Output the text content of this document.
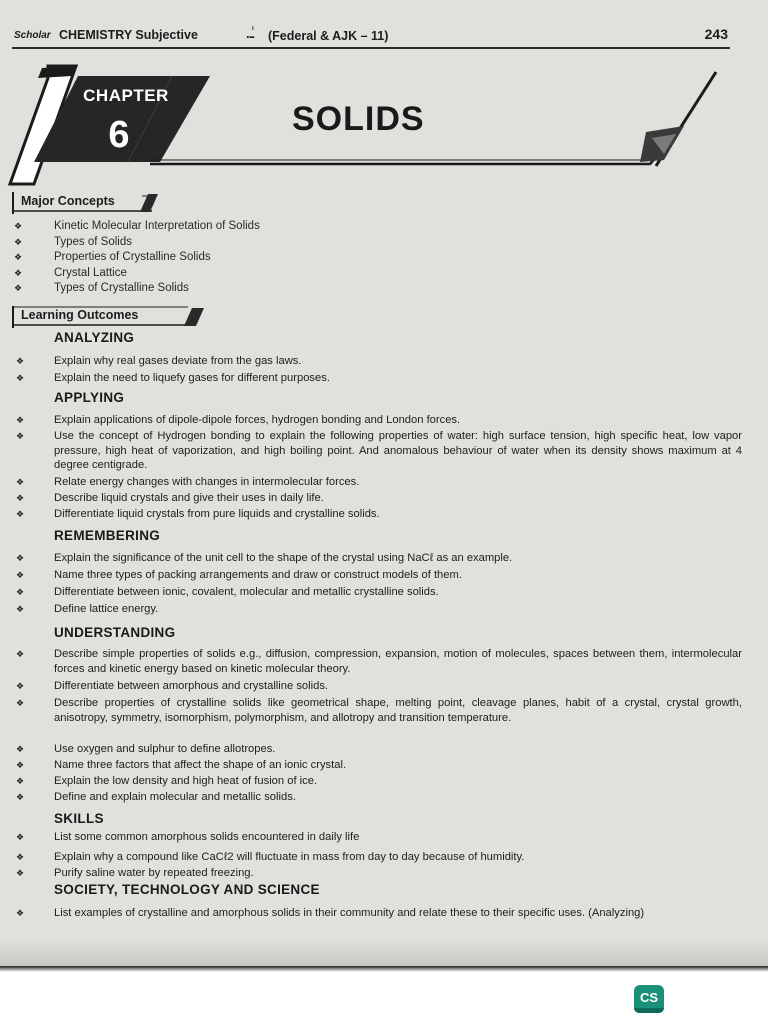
Scholar CHEMISTRY Subjective	.ـٰ (Federal & AJK – 11)	243
CHAPTER
6	SOLIDS
Major Concepts
❖	Kinetic Molecular Interpretation of Solids
❖	Types of Solids
❖	Properties of Crystalline Solids
❖	Crystal Lattice
❖	Types of Crystalline Solids
Learning Outcomes
ANALYZING
❖	Explain why real gases deviate from the gas laws.
❖	Explain the need to liquefy gases for different purposes.
APPLYING
❖	Explain applications of dipole-dipole forces, hydrogen bonding and London forces.
❖	Use the concept of Hydrogen bonding to explain the following properties of water: high surface tension, high specific heat, low vapor pressure, high heat of vaporization, and high boiling point. And anomalous behaviour of water when its density shows maximum at 4 degree centigrade.
❖	Relate energy changes with changes in intermolecular forces.
❖	Describe liquid crystals and give their uses in daily life.
❖	Differentiate liquid crystals from pure liquids and crystalline solids.
REMEMBERING
❖	Explain the significance of the unit cell to the shape of the crystal using NaCℓ as an example.
❖	Name three types of packing arrangements and draw or construct models of them.
❖	Differentiate between ionic, covalent, molecular and metallic crystalline solids.
❖	Define lattice energy.
UNDERSTANDING
❖	Describe simple properties of solids e.g., diffusion, compression, expansion, motion of molecules, spaces between them, intermolecular forces and kinetic energy based on kinetic molecular theory.
❖	Differentiate between amorphous and crystalline solids.
❖	Describe properties of crystalline solids like geometrical shape, melting point, cleavage planes, habit of a crystal, crystal growth, anisotropy, symmetry, isomorphism, polymorphism, and allotropy and transition temperature.
❖	Use oxygen and sulphur to define allotropes.
❖	Name three factors that affect the shape of an ionic crystal.
❖	Explain the low density and high heat of fusion of ice.
❖	Define and explain molecular and metallic solids.
SKILLS
❖	List some common amorphous solids encountered in daily life
❖	Explain why a compound like CaCℓ2 will fluctuate in mass from day to day because of humidity.
❖	Purify saline water by repeated freezing.
SOCIETY, TECHNOLOGY AND SCIENCE
❖	List examples of crystalline and amorphous solids in their community and relate these to their specific uses. (Analyzing)
CS
